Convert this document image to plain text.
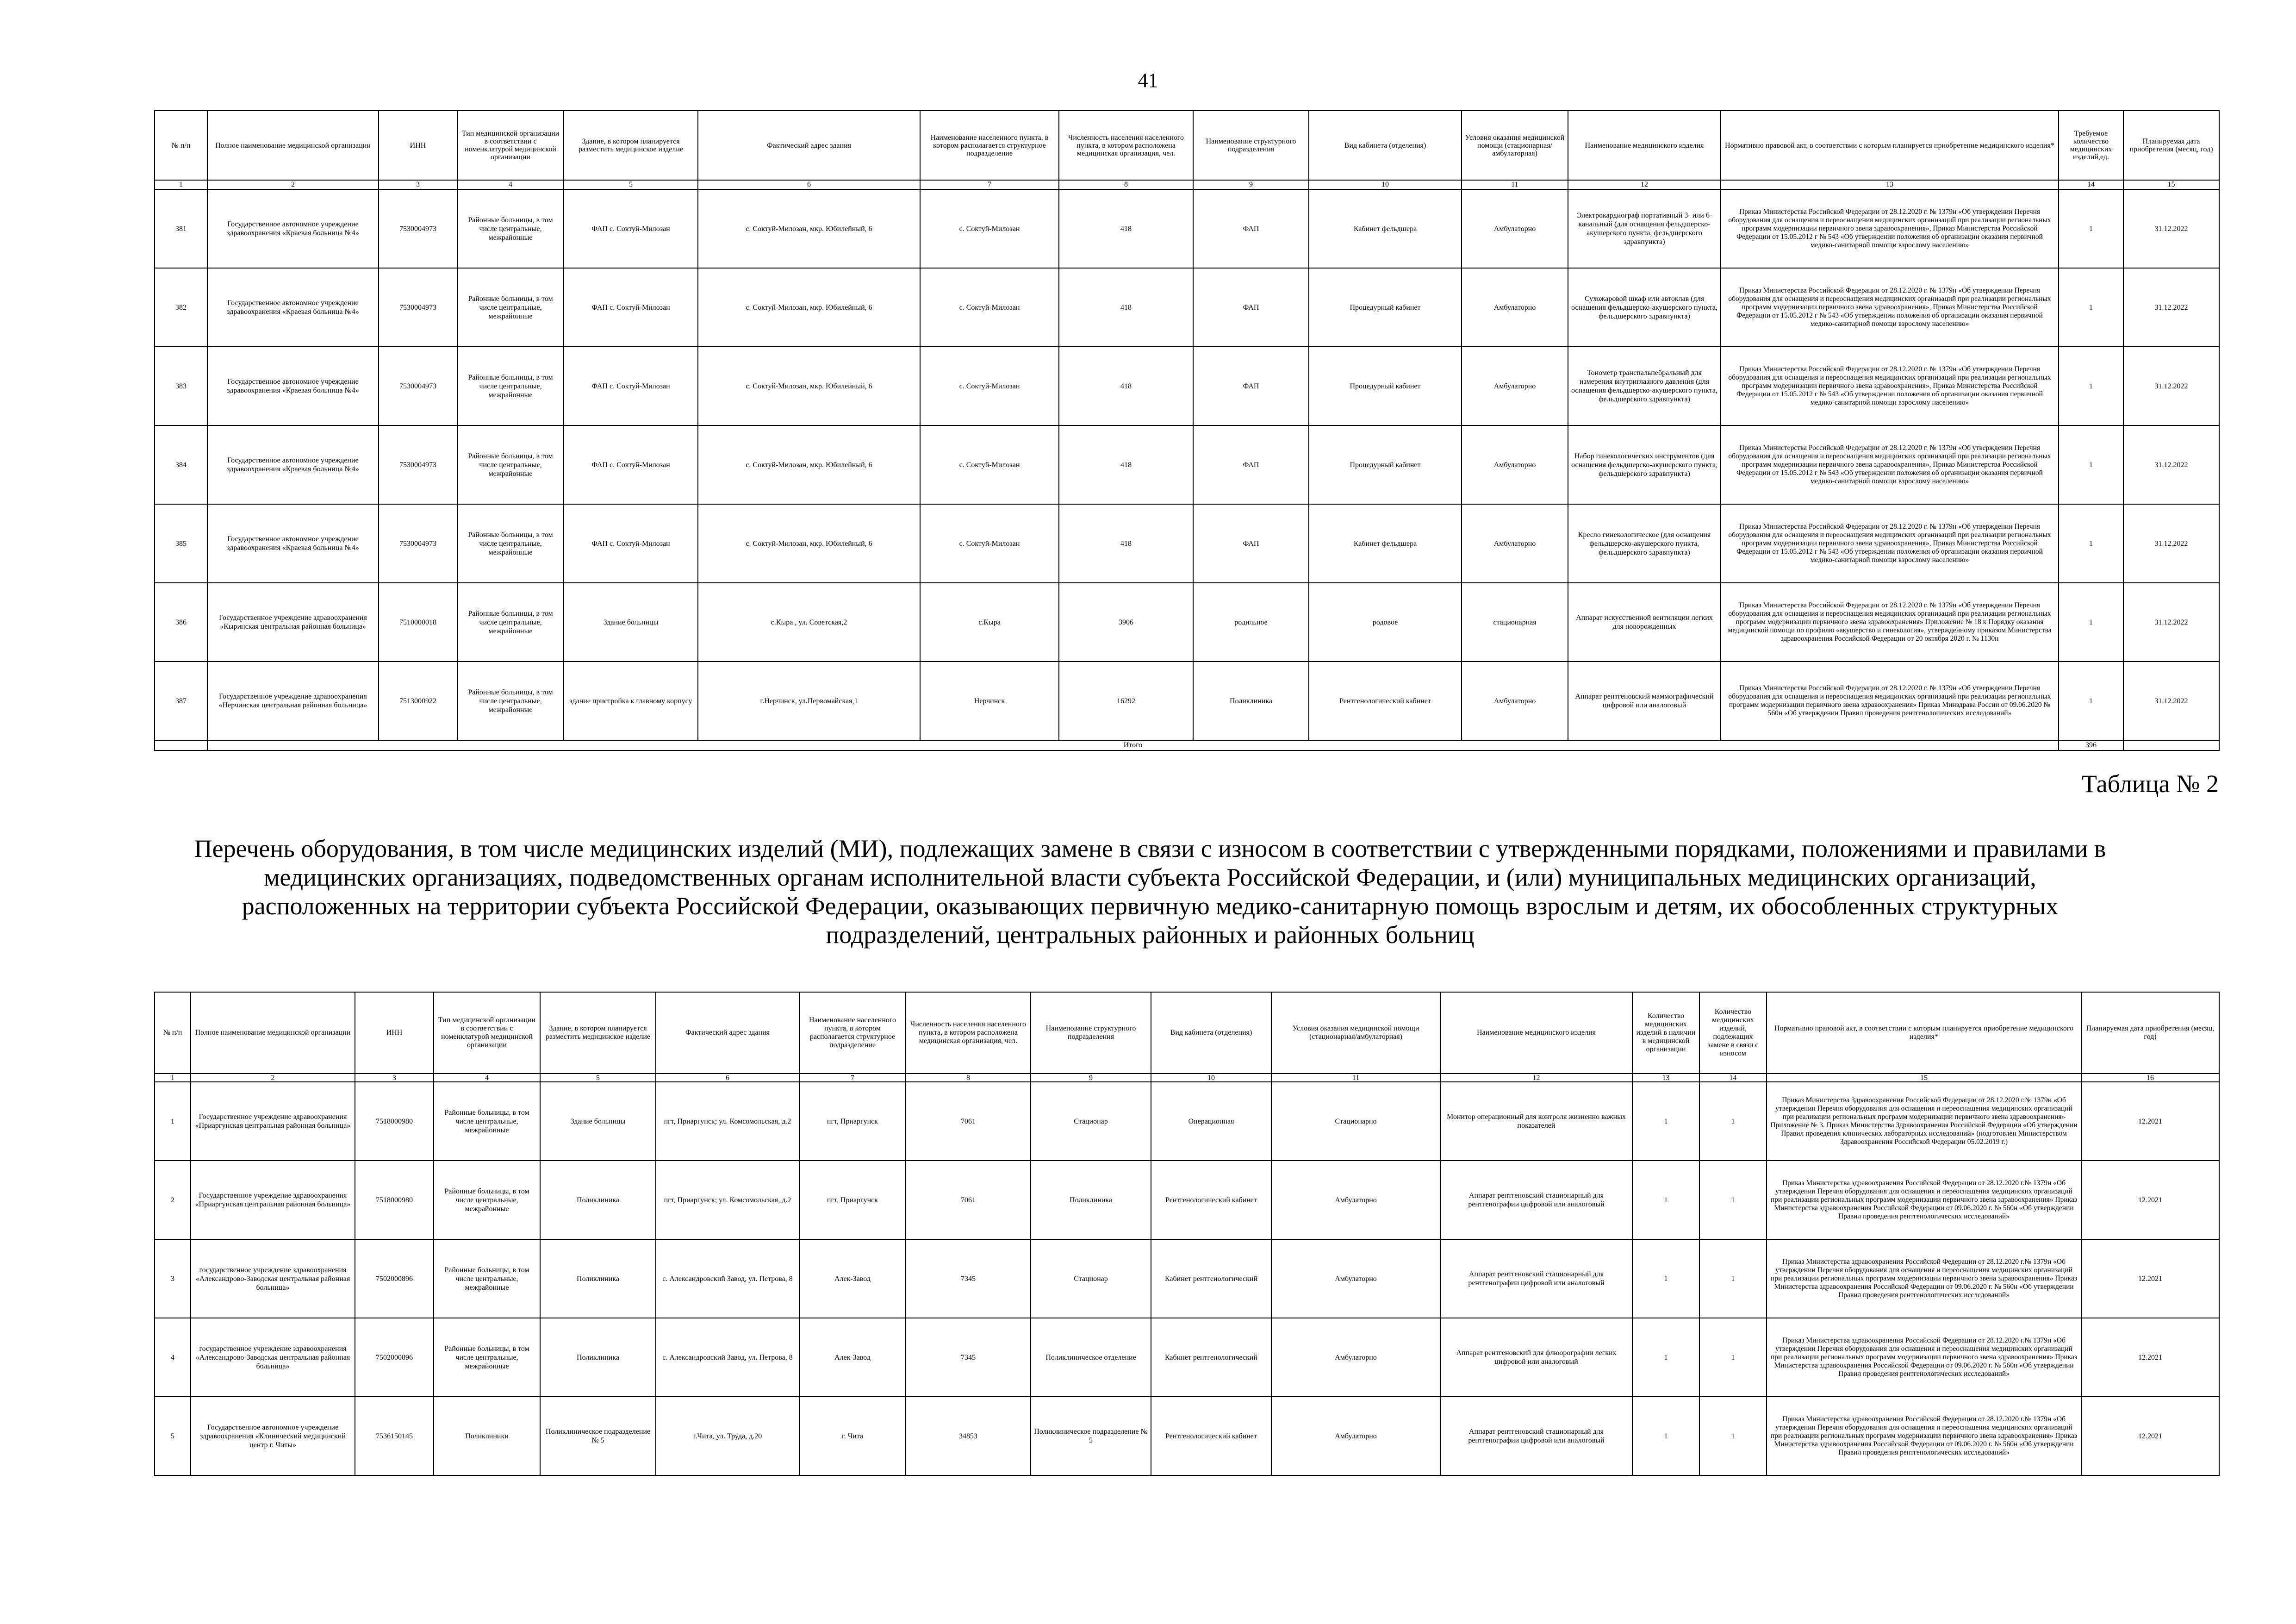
41
№ п/п	Полное наименование медицинской организации	ИНН	Тип медицинской организации в соответствии с номенклатурой медицинской организации	Здание, в котором планируется разместить медицинское изделие	Фактический адрес здания	Наименование населенного пункта, в котором располагается структурное подразделение	Численность населения населенного пункта, в котором расположена медицинская организация, чел.	Наименование структурного подразделения	Вид кабинета (отделения)	Условия оказания медицинской помощи (стационарная/амбулаторная)	Наименование медицинского изделия	Нормативно правовой акт, в соответствии с которым планируется приобретение медицинского изделия*	Требуемое количество медицинских изделий,ед.	Планируемая дата приобретения (месяц, год)
1	2	3	4	5	6	7	8	9	10	11	12	13	14	15
381	Государственное автономное учреждение здравоохранения «Краевая больница №4»	7530004973	Районные больницы, в том числе центральные, межрайонные	ФАП с. Соктуй-Милозан	с. Соктуй-Милозан, мкр. Юбилейный, 6	с. Соктуй-Милозан	418	ФАП	Кабинет фельдшера	Амбулаторно	Электрокардиограф портативный 3- или 6-канальный (для оснащения фельдшерско-акушерского пункта, фельдшерского здравпункта)	Приказ Министерства Российской Федерации от 28.12.2020 г. № 1379н «Об утверждении Перечня оборудования для оснащения и переоснащения медицинских организаций при реализации региональных программ модернизации первичного звена здравоохранения», Приказ Министерства Российской Федерации от 15.05.2012 г № 543 «Об утверждении положения об организации оказания первичной медико-санитарной помощи взрослому населению»	1	31.12.2022
382	Государственное автономное учреждение здравоохранения «Краевая больница №4»	7530004973	Районные больницы, в том числе центральные, межрайонные	ФАП с. Соктуй-Милозан	с. Соктуй-Милозан, мкр. Юбилейный, 6	с. Соктуй-Милозан	418	ФАП	Процедурный кабинет	Амбулаторно	Сухожаровой шкаф или автоклав (для оснащения фельдшерско-акушерского пункта, фельдшерского здравпункта)	Приказ Министерства Российской Федерации от 28.12.2020 г. № 1379н «Об утверждении Перечня оборудования для оснащения и переоснащения медицинских организаций при реализации региональных программ модернизации первичного звена здравоохранения», Приказ Министерства Российской Федерации от 15.05.2012 г № 543 «Об утверждении положения об организации оказания первичной медико-санитарной помощи взрослому населению»	1	31.12.2022
383	Государственное автономное учреждение здравоохранения «Краевая больница №4»	7530004973	Районные больницы, в том числе центральные, межрайонные	ФАП с. Соктуй-Милозан	с. Соктуй-Милозан, мкр. Юбилейный, 6	с. Соктуй-Милозан	418	ФАП	Процедурный кабинет	Амбулаторно	Тонометр транспальпебральный для измерения внутриглазного давления (для оснащения фельдшерско-акушерского пункта, фельдшерского здравпункта)	Приказ Министерства Российской Федерации от 28.12.2020 г. № 1379н «Об утверждении Перечня оборудования для оснащения и переоснащения медицинских организаций при реализации региональных программ модернизации первичного звена здравоохранения», Приказ Министерства Российской Федерации от 15.05.2012 г № 543 «Об утверждении положения об организации оказания первичной медико-санитарной помощи взрослому населению»	1	31.12.2022
384	Государственное автономное учреждение здравоохранения «Краевая больница №4»	7530004973	Районные больницы, в том числе центральные, межрайонные	ФАП с. Соктуй-Милозан	с. Соктуй-Милозан, мкр. Юбилейный, 6	с. Соктуй-Милозан	418	ФАП	Процедурный кабинет	Амбулаторно	Набор гинекологических инструментов (для оснащения фельдшерско-акушерского пункта, фельдшерского здравпункта)	Приказ Министерства Российской Федерации от 28.12.2020 г. № 1379н «Об утверждении Перечня оборудования для оснащения и переоснащения медицинских организаций при реализации региональных программ модернизации первичного звена здравоохранения», Приказ Министерства Российской Федерации от 15.05.2012 г № 543 «Об утверждении положения об организации оказания первичной медико-санитарной помощи взрослому населению»	1	31.12.2022
385	Государственное автономное учреждение здравоохранения «Краевая больница №4»	7530004973	Районные больницы, в том числе центральные, межрайонные	ФАП с. Соктуй-Милозан	с. Соктуй-Милозан, мкр. Юбилейный, 6	с. Соктуй-Милозан	418	ФАП	Кабинет фельдшера	Амбулаторно	Кресло гинекологическое (для оснащения фельдшерско-акушерского пункта, фельдшерского здравпункта)	Приказ Министерства Российской Федерации от 28.12.2020 г. № 1379н «Об утверждении Перечня оборудования для оснащения и переоснащения медицинских организаций при реализации региональных программ модернизации первичного звена здравоохранения», Приказ Министерства Российской Федерации от 15.05.2012 г № 543 «Об утверждении положения об организации оказания первичной медико-санитарной помощи взрослому населению»	1	31.12.2022
386	Государственное учреждение здравоохранения «Кыринская центральная районная больница»	7510000018	Районные больницы, в том числе центральные, межрайонные	Здание больницы	с.Кыра , ул. Советская,2	с.Кыра	3906	родильное	родовое	стационарная	Аппарат искусственной вентиляции легких для новорожденных	Приказ Министерства Российской Федерации от 28.12.2020 г. № 1379н «Об утверждении Перечня оборудования для оснащения и переоснащения медицинских организаций при реализации региональных программ модернизации первичного звена здравоохранения» Приложение № 18 к Порядку оказания медицинской помощи по профилю «акушерство и гинекология», утвержденному приказом Министерства здравоохранения Российской Федерации от 20 октября 2020 г. № 1130н	1	31.12.2022
387	Государственное учреждение здравоохранения «Нерчинская центральная районная больница»	7513000922	Районные больницы, в том числе центральные, межрайонные	здание пристройка к главному корпусу	г.Нерчинск, ул.Первомайская,1	Нерчинск	16292	Поликлиника	Рентгенологический кабинет	Амбулаторно	Аппарат рентгеновский маммографический цифровой или аналоговый	Приказ Министерства Российской Федерации от 28.12.2020 г. № 1379н «Об утверждении Перечня оборудования для оснащения и переоснащения медицинских организаций при реализации региональных программ модернизации первичного звена здравоохранения» Приказ Минздрава России от 09.06.2020 № 560н «Об утверждении Правил проведения рентгенологических исследований»	1	31.12.2022
	Итого												396	
Таблица № 2
Перечень оборудования, в том числе медицинских изделий (МИ), подлежащих замене в связи с износом в соответствии с утвержденными порядками, положениями и правилами в медицинских организациях, подведомственных органам исполнительной власти субъекта Российской Федерации, и (или) муниципальных медицинских организаций, расположенных на территории субъекта Российской Федерации, оказывающих первичную медико-санитарную помощь взрослым и детям, их обособленных структурных подразделений, центральных районных и районных больниц
№ п/п	Полное наименование медицинской организации	ИНН	Тип медицинской организации в соответствии с номенклатурой медицинской организации	Здание, в котором планируется разместить медицинское изделие	Фактический адрес здания	Наименование населенного пункта, в котором располагается структурное подразделение	Численность населения населенного пункта, в котором расположена медицинская организация, чел.	Наименование структурного подразделения	Вид кабинета (отделения)	Условия оказания медицинской помощи (стационарная/амбулаторная)	Наименование медицинского изделия	Количество медицинских изделий в наличии в медицинской организации	Количество медицинских изделий, подлежащих замене в связи с износом	Нормативно правовой акт, в соответствии с которым планируется приобретение медицинского изделия*	Планируемая дата приобретения (месяц, год)
1	2	3	4	5	6	7	8	9	10	11	12	13	14	15	16
1	Государственное учреждение здравоохранения «Приаргунская центральная районная больница»	7518000980	Районные больницы, в том числе центральные, межрайонные	Здание больницы	пгт, Приаргунск; ул. Комсомольская, д.2	пгт, Приаргунск	7061	Стационар	Операционная	Стационарно	Монитор операционный для контроля жизненно важных показателей	1	1	Приказ Министерства Здравоохранения Российской Федерации от 28.12.2020 г.№ 1379н «Об утверждении Перечня оборудования для оснащения и переоснащения медицинских организаций при реализации региональных программ модернизации первичного звена здравоохранения» Приложение № 3. Приказ Министерства Здравоохранения Российской Федерации «Об утверждении Правил проведения клинических лабораторных исследований» (подготовлен Министерством Здравоохранения Российской Федерации 05.02.2019 г.)	12.2021
2	Государственное учреждение здравоохранения «Приаргунская центральная районная больница»	7518000980	Районные больницы, в том числе центральные, межрайонные	Поликлиника	пгт, Приаргунск; ул. Комсомольская, д.2	пгт, Приаргунск	7061	Поликлиника	Рентгенологический кабинет	Амбулаторно	Аппарат рентгеновский стационарный для рентгенографии цифровой или аналоговый	1	1	Приказ Министерства здравоохранения Российской Федерации от 28.12.2020 г.№ 1379н «Об утверждении Перечня оборудования для оснащения и переоснащения медицинских организаций при реализации региональных программ модернизации первичного звена здравоохранения» Приказ Министерства здравоохранения Российской Федерации от 09.06.2020 г. № 560н «Об утверждении Правил проведения рентгенологических исследований»	12.2021
3	государственное учреждение здравоохранения «Александрово-Заводская центральная районная больница»	7502000896	Районные больницы, в том числе центральные, межрайонные	Поликлиника	с. Александровский Завод, ул. Петрова, 8	Алек-Завод	7345	Стационар	Кабинет рентгенологический	Амбулаторно	Аппарат рентгеновский стационарный для рентгенографии цифровой или аналоговый	1	1	Приказ Министерства здравоохранения Российской Федерации от 28.12.2020 г.№ 1379н «Об утверждении Перечня оборудования для оснащения и переоснащения медицинских организаций при реализации региональных программ модернизации первичного звена здравоохранения» Приказ Министерства здравоохранения Российской Федерации от 09.06.2020 г. № 560н «Об утверждении Правил проведения рентгенологических исследований»	12.2021
4	государственное учреждение здравоохранения «Александрово-Заводская центральная районная больница»	7502000896	Районные больницы, в том числе центральные, межрайонные	Поликлиника	с. Александровский Завод, ул. Петрова, 8	Алек-Завод	7345	Поликлиническое отделение	Кабинет рентгенологический	Амбулаторно	Аппарат рентгеновский для флюорографии легких цифровой или аналоговый	1	1	Приказ Министерства здравоохранения Российской Федерации от 28.12.2020 г.№ 1379н «Об утверждении Перечня оборудования для оснащения и переоснащения медицинских организаций при реализации региональных программ модернизации первичного звена здравоохранения» Приказ Министерства здравоохранения Российской Федерации от 09.06.2020 г. № 560н «Об утверждении Правил проведения рентгенологических исследований»	12.2021
5	Государственное автономное учреждение здравоохранения «Клинический медицинский центр г. Читы»	7536150145	Поликлиники	Поликлиническое подразделение № 5	г.Чита, ул. Труда, д.20	г. Чита	34853	Поликлиническое подразделение № 5	Рентгенологический кабинет	Амбулаторно	Аппарат рентгеновский стационарный для рентгенографии цифровой или аналоговый	1	1	Приказ Министерства здравоохранения Российской Федерации от 28.12.2020 г.№ 1379н «Об утверждении Перечня оборудования для оснащения и переоснащения медицинских организаций при реализации региональных программ модернизации первичного звена здравоохранения» Приказ Министерства здравоохранения Российской Федерации от 09.06.2020 г. № 560н «Об утверждении Правил проведения рентгенологических исследований»	12.2021
